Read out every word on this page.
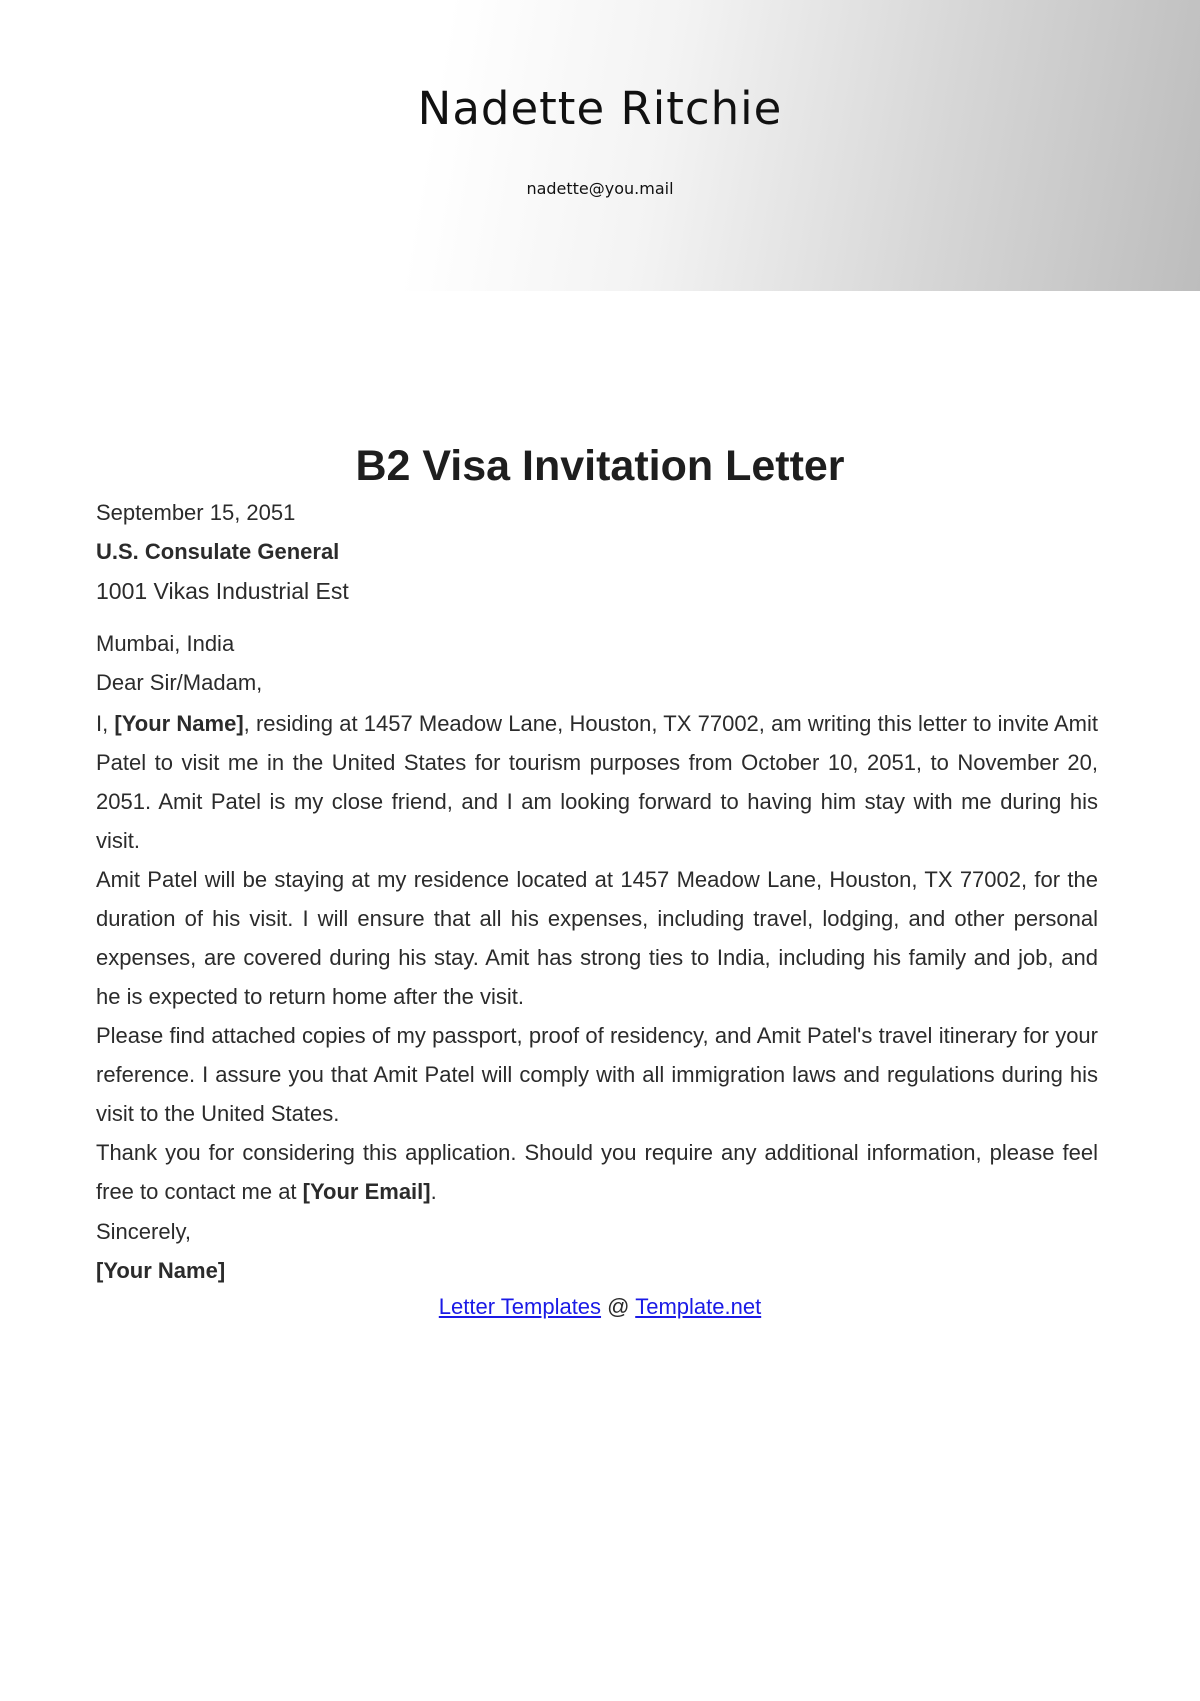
Nadette Ritchie
nadette@you.mail
B2 Visa Invitation Letter
September 15, 2051
U.S. Consulate General
1001 Vikas Industrial Est
Mumbai, India
Dear Sir/Madam,
I, [Your Name], residing at 1457 Meadow Lane, Houston, TX 77002, am writing this letter to invite Amit Patel to visit me in the United States for tourism purposes from October 10, 2051, to November 20, 2051. Amit Patel is my close friend, and I am looking forward to having him stay with me during his visit.
Amit Patel will be staying at my residence located at 1457 Meadow Lane, Houston, TX 77002, for the duration of his visit. I will ensure that all his expenses, including travel, lodging, and other personal expenses, are covered during his stay. Amit has strong ties to India, including his family and job, and he is expected to return home after the visit.
Please find attached copies of my passport, proof of residency, and Amit Patel's travel itinerary for your reference. I assure you that Amit Patel will comply with all immigration laws and regulations during his visit to the United States.
Thank you for considering this application. Should you require any additional information, please feel free to contact me at [Your Email].
Sincerely,
[Your Name]
Letter Templates @ Template.net
